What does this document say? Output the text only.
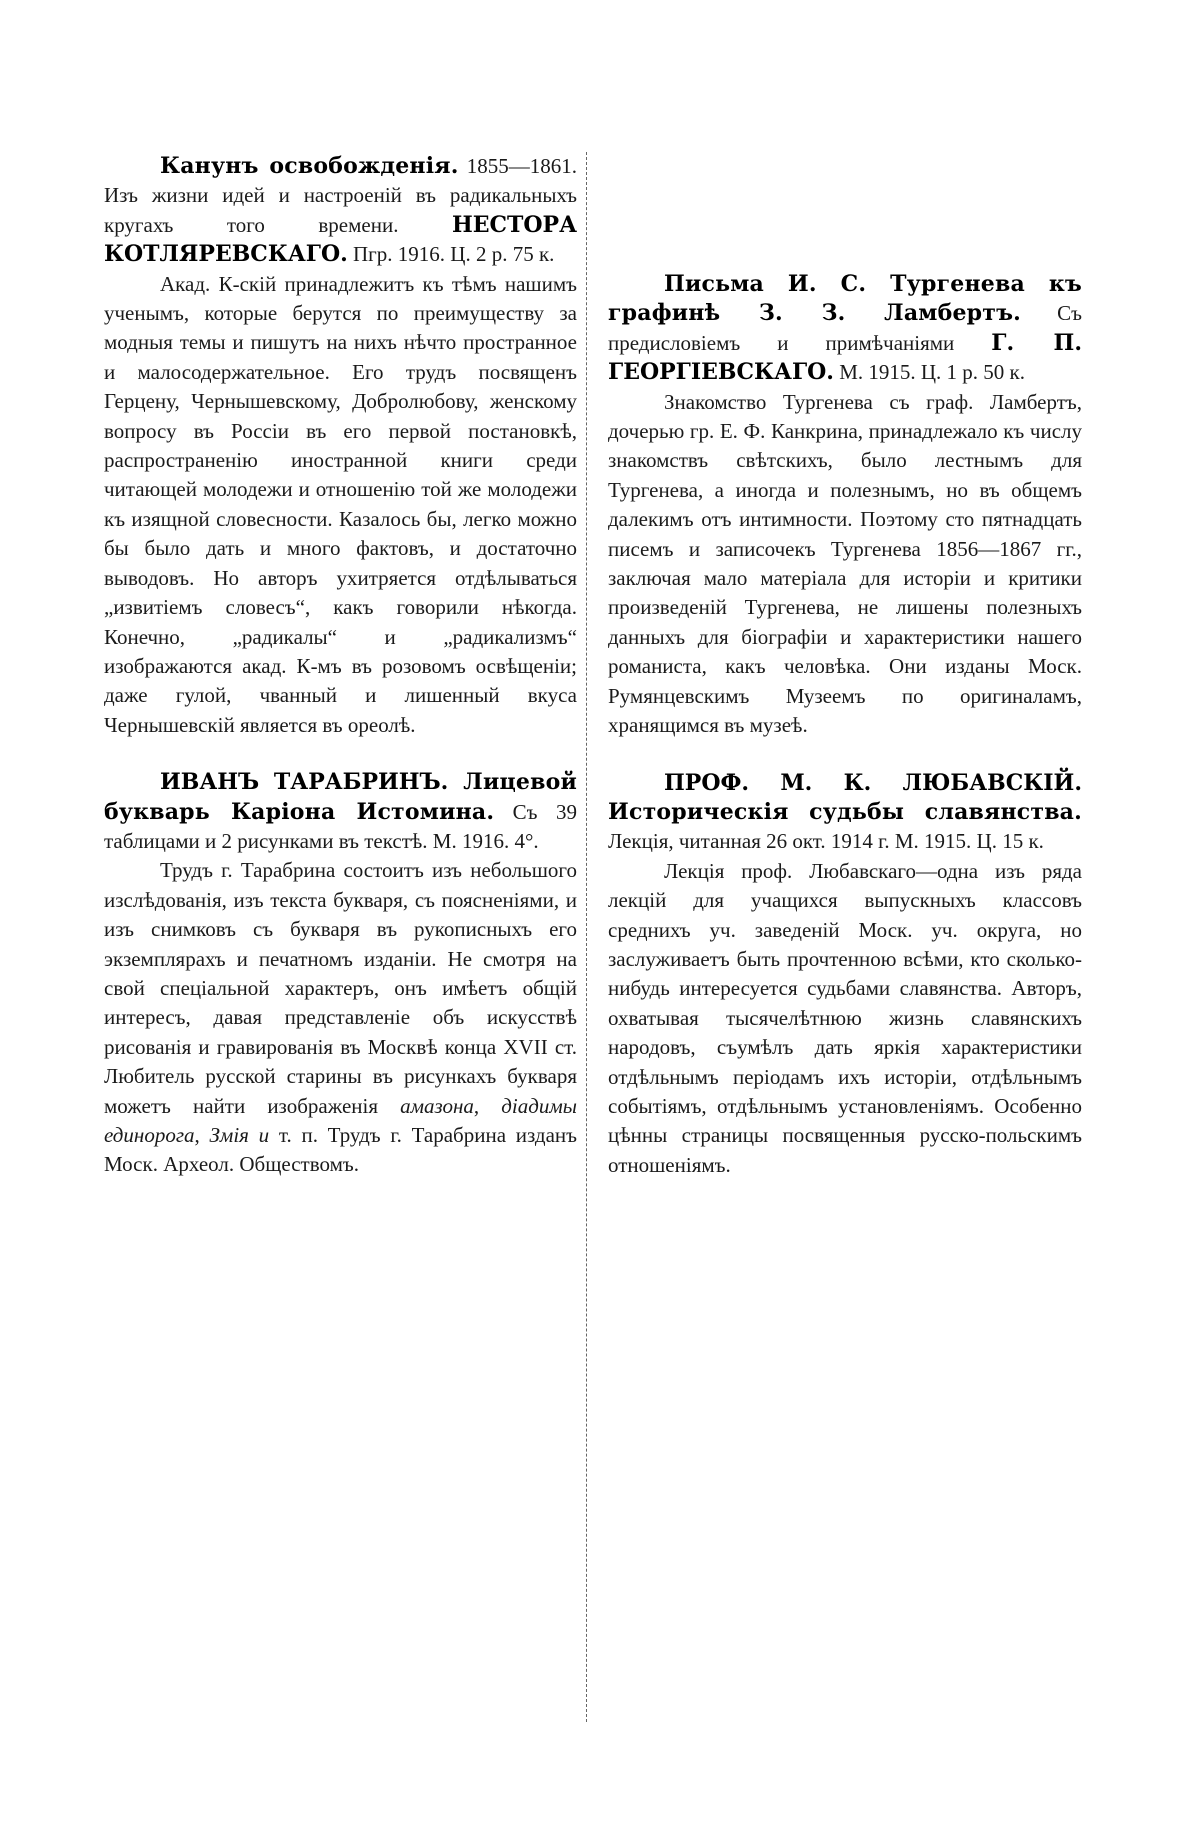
Канунъ освобожденія. 1855—1861. Изъ жизни идей и настроеній въ радикальныхъ кругахъ того времени. НЕСТОРА КОТЛЯРЕВСКАГО. Пгр. 1916. Ц. 2 р. 75 к.

Акад. К-скій принадлежитъ къ тѣмъ нашимъ ученымъ, которые берутся по преимуществу за модныя темы и пишутъ на нихъ нѣчто пространное и малосодержательное. Его трудъ посвященъ Герцену, Чернышевскому, Добролюбову, женскому вопросу въ Россіи въ его первой постановкѣ, распространенію иностранной книги среди читающей молодежи и отношенію той же молодежи къ изящной словесности. Казалось бы, легко можно бы было дать и много фактовъ, и достаточно выводовъ. Но авторъ ухитряется отдѣлываться „извитіемъ словесъ“, какъ говорили нѣкогда. Конечно, „радикалы“ и „радикализмъ“ изображаются акад. К-мъ въ розовомъ освѣщеніи; даже гулой, чванный и лишенный вкуса Чернышевскій является въ ореолѣ.

ИВАНЪ ТАРАБРИНЪ. Лицевой букварь Каріона Истомина. Съ 39 таблицами и 2 рисунками въ текстѣ. М. 1916. 4°.

Трудъ г. Тарабрина состоитъ изъ небольшого изслѣдованія, изъ текста букваря, съ поясненіями, и изъ снимковъ съ букваря въ рукописныхъ его экземплярахъ и печатномъ изданіи. Не смотря на свой спеціальной характеръ, онъ имѣетъ общій интересъ, давая представленіе объ искусствѣ рисованія и гравированія въ Москвѣ конца XVII ст. Любитель русской старины въ рисункахъ букваря можетъ найти изображенія амазона, діадимы единорога, Змія и т. п. Трудъ г. Тарабрина изданъ Моск. Археол. Обществомъ.

Письма И. С. Тургенева къ графинѣ З. З. Ламбертъ. Съ предисловіемъ и примѣчаніями Г. П. ГЕОРГІЕВСКАГО. М. 1915. Ц. 1 р. 50 к.

Знакомство Тургенева съ граф. Ламбертъ, дочерью гр. Е. Ф. Канкрина, принадлежало къ числу знакомствъ свѣтскихъ, было лестнымъ для Тургенева, а иногда и полезнымъ, но въ общемъ далекимъ отъ интимности. Поэтому сто пятнадцать писемъ и записочекъ Тургенева 1856—1867 гг., заключая мало матеріала для исторіи и критики произведеній Тургенева, не лишены полезныхъ данныхъ для біографіи и характеристики нашего романиста, какъ человѣка. Они изданы Моск. Румянцевскимъ Музеемъ по оригиналамъ, хранящимся въ музеѣ.

ПРОФ. М. К. ЛЮБАВСКІЙ. Историческія судьбы славянства. Лекція, читанная 26 окт. 1914 г. М. 1915. Ц. 15 к.

Лекція проф. Любавскаго—одна изъ ряда лекцій для учащихся выпускныхъ классовъ среднихъ уч. заведеній Моск. уч. округа, но заслуживаетъ быть прочтенною всѣми, кто сколько-нибудь интересуется судьбами славянства. Авторъ, охватывая тысячелѣтнюю жизнь славянскихъ народовъ, съумѣлъ дать яркія характеристики отдѣльнымъ періодамъ ихъ исторіи, отдѣльнымъ событіямъ, отдѣльнымъ установленіямъ. Особенно цѣнны страницы посвященныя русско-польскимъ отношеніямъ.
